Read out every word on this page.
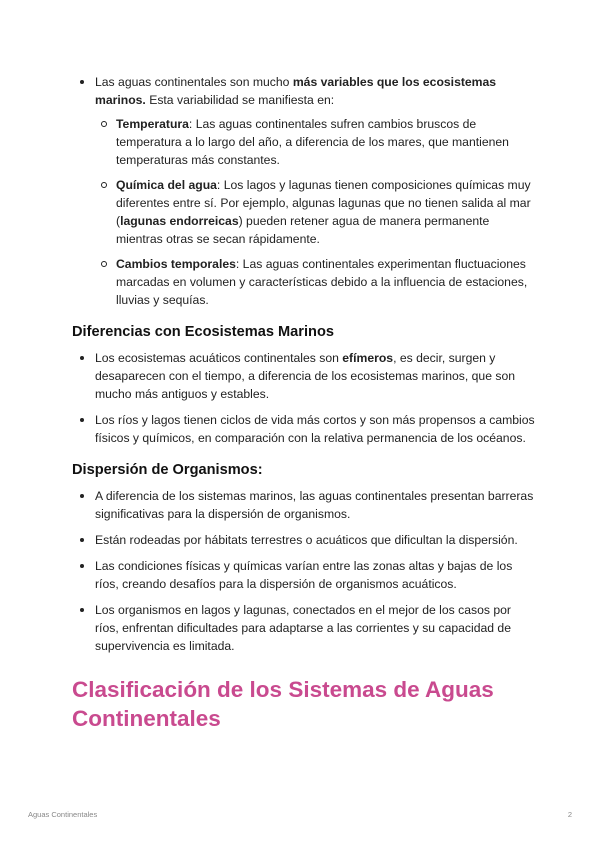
Las aguas continentales son mucho más variables que los ecosistemas marinos. Esta variabilidad se manifiesta en:
Temperatura: Las aguas continentales sufren cambios bruscos de temperatura a lo largo del año, a diferencia de los mares, que mantienen temperaturas más constantes.
Química del agua: Los lagos y lagunas tienen composiciones químicas muy diferentes entre sí. Por ejemplo, algunas lagunas que no tienen salida al mar (lagunas endorreicas) pueden retener agua de manera permanente mientras otras se secan rápidamente.
Cambios temporales: Las aguas continentales experimentan fluctuaciones marcadas en volumen y características debido a la influencia de estaciones, lluvias y sequías.
Diferencias con Ecosistemas Marinos
Los ecosistemas acuáticos continentales son efímeros, es decir, surgen y desaparecen con el tiempo, a diferencia de los ecosistemas marinos, que son mucho más antiguos y estables.
Los ríos y lagos tienen ciclos de vida más cortos y son más propensos a cambios físicos y químicos, en comparación con la relativa permanencia de los océanos.
Dispersión de Organismos:
A diferencia de los sistemas marinos, las aguas continentales presentan barreras significativas para la dispersión de organismos.
Están rodeadas por hábitats terrestres o acuáticos que dificultan la dispersión.
Las condiciones físicas y químicas varían entre las zonas altas y bajas de los ríos, creando desafíos para la dispersión de organismos acuáticos.
Los organismos en lagos y lagunas, conectados en el mejor de los casos por ríos, enfrentan dificultades para adaptarse a las corrientes y su capacidad de supervivencia es limitada.
Clasificación de los Sistemas de Aguas Continentales
Aguas Continentales	2
